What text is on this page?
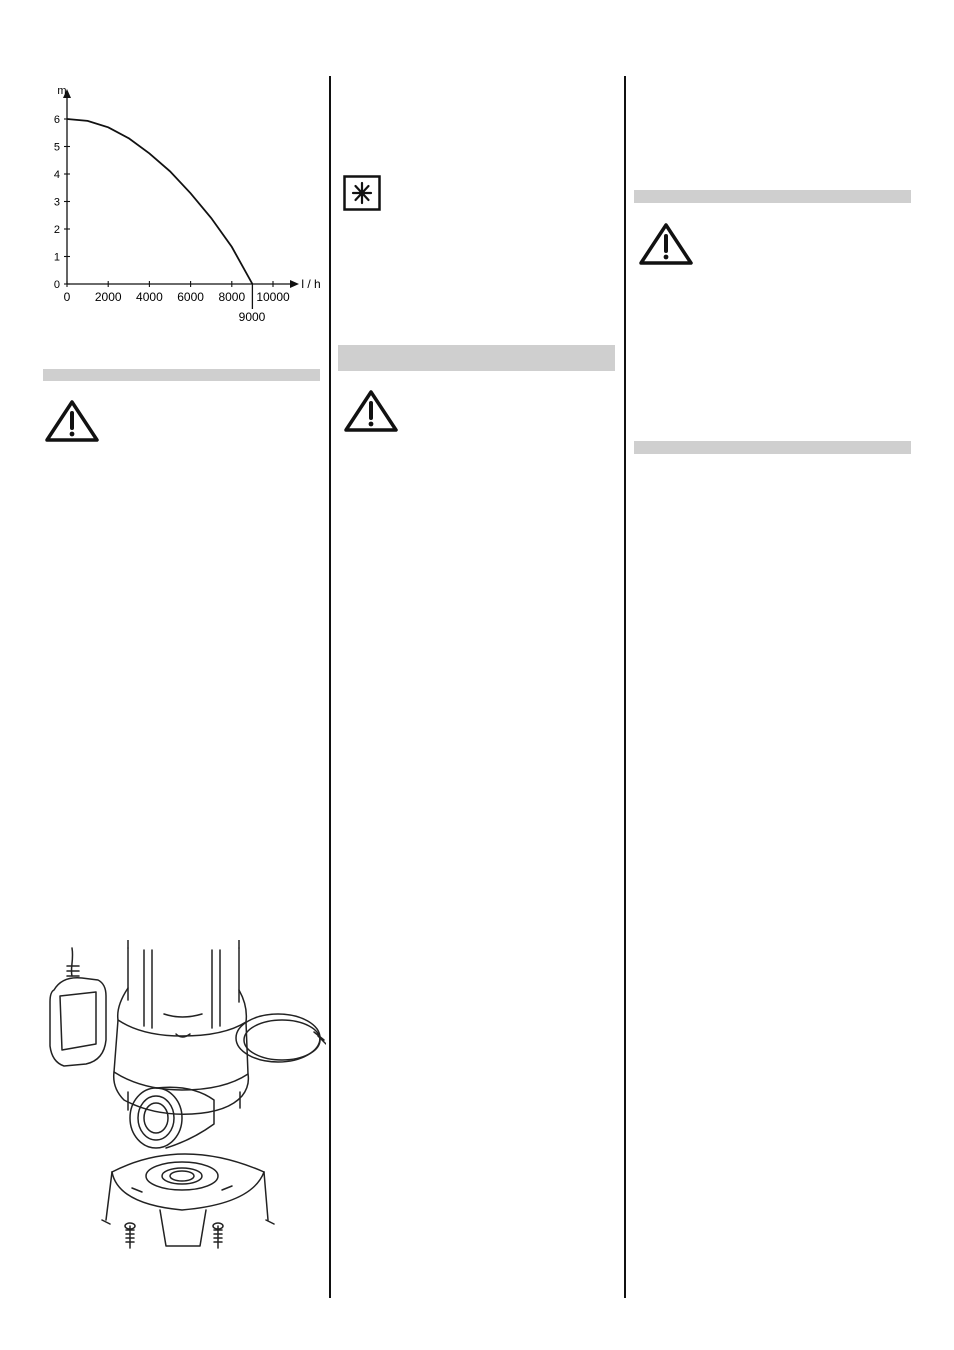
0
1
2
3
4
5
6
0 2000 4000 6000 8000 10000
m
l / h
9000
